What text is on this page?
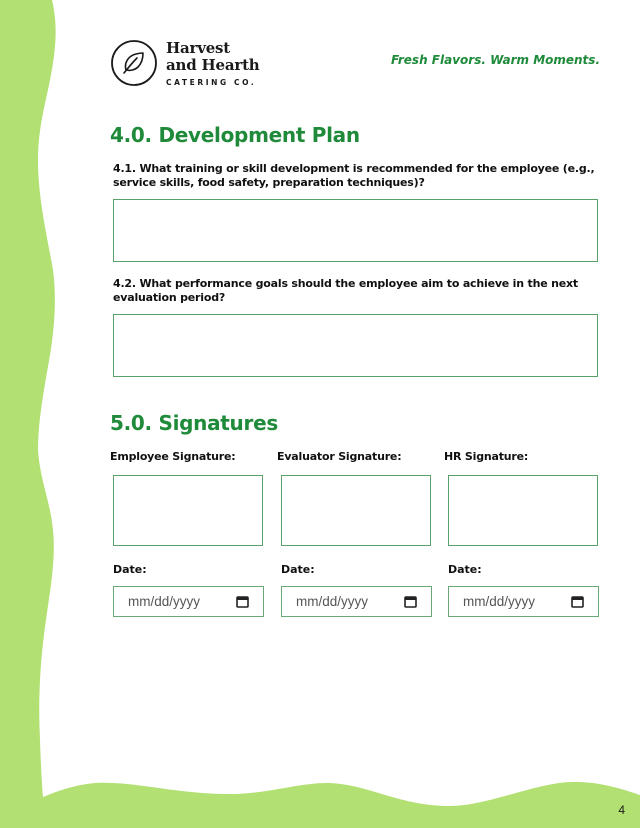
Harvest
and Hearth
CATERING CO.
Fresh Flavors. Warm Moments.
4.0. Development Plan
4.1. What training or skill development is recommended for the employee (e.g., service skills, food safety, preparation techniques)?
4.2. What performance goals should the employee aim to achieve in the next evaluation period?
5.0. Signatures
Employee Signature:	Evaluator Signature:	HR Signature:
Date:	Date:	Date:
mm/dd/yyyy	mm/dd/yyyy	mm/dd/yyyy
4
